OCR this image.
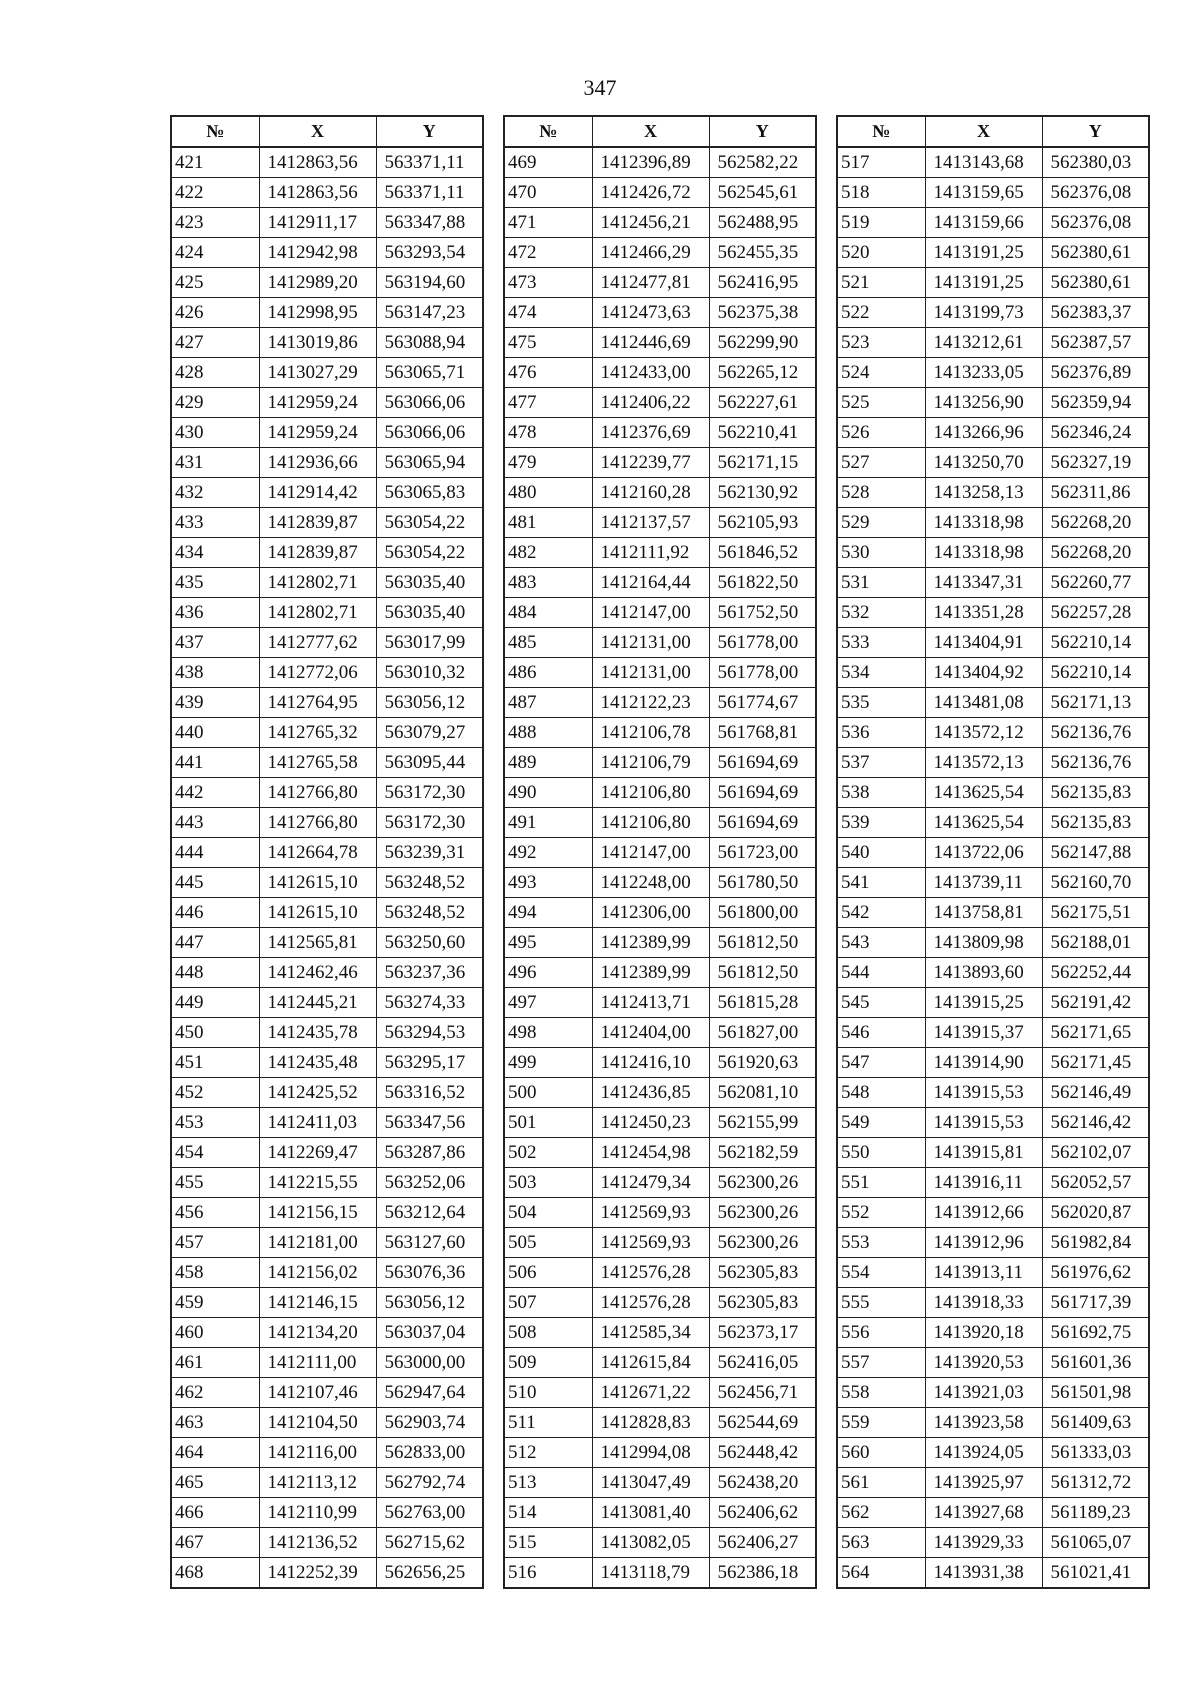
347
№	X	Y
421	1412863,56	563371,11
422	1412863,56	563371,11
423	1412911,17	563347,88
424	1412942,98	563293,54
425	1412989,20	563194,60
426	1412998,95	563147,23
427	1413019,86	563088,94
428	1413027,29	563065,71
429	1412959,24	563066,06
430	1412959,24	563066,06
431	1412936,66	563065,94
432	1412914,42	563065,83
433	1412839,87	563054,22
434	1412839,87	563054,22
435	1412802,71	563035,40
436	1412802,71	563035,40
437	1412777,62	563017,99
438	1412772,06	563010,32
439	1412764,95	563056,12
440	1412765,32	563079,27
441	1412765,58	563095,44
442	1412766,80	563172,30
443	1412766,80	563172,30
444	1412664,78	563239,31
445	1412615,10	563248,52
446	1412615,10	563248,52
447	1412565,81	563250,60
448	1412462,46	563237,36
449	1412445,21	563274,33
450	1412435,78	563294,53
451	1412435,48	563295,17
452	1412425,52	563316,52
453	1412411,03	563347,56
454	1412269,47	563287,86
455	1412215,55	563252,06
456	1412156,15	563212,64
457	1412181,00	563127,60
458	1412156,02	563076,36
459	1412146,15	563056,12
460	1412134,20	563037,04
461	1412111,00	563000,00
462	1412107,46	562947,64
463	1412104,50	562903,74
464	1412116,00	562833,00
465	1412113,12	562792,74
466	1412110,99	562763,00
467	1412136,52	562715,62
468	1412252,39	562656,25
№	X	Y
469	1412396,89	562582,22
470	1412426,72	562545,61
471	1412456,21	562488,95
472	1412466,29	562455,35
473	1412477,81	562416,95
474	1412473,63	562375,38
475	1412446,69	562299,90
476	1412433,00	562265,12
477	1412406,22	562227,61
478	1412376,69	562210,41
479	1412239,77	562171,15
480	1412160,28	562130,92
481	1412137,57	562105,93
482	1412111,92	561846,52
483	1412164,44	561822,50
484	1412147,00	561752,50
485	1412131,00	561778,00
486	1412131,00	561778,00
487	1412122,23	561774,67
488	1412106,78	561768,81
489	1412106,79	561694,69
490	1412106,80	561694,69
491	1412106,80	561694,69
492	1412147,00	561723,00
493	1412248,00	561780,50
494	1412306,00	561800,00
495	1412389,99	561812,50
496	1412389,99	561812,50
497	1412413,71	561815,28
498	1412404,00	561827,00
499	1412416,10	561920,63
500	1412436,85	562081,10
501	1412450,23	562155,99
502	1412454,98	562182,59
503	1412479,34	562300,26
504	1412569,93	562300,26
505	1412569,93	562300,26
506	1412576,28	562305,83
507	1412576,28	562305,83
508	1412585,34	562373,17
509	1412615,84	562416,05
510	1412671,22	562456,71
511	1412828,83	562544,69
512	1412994,08	562448,42
513	1413047,49	562438,20
514	1413081,40	562406,62
515	1413082,05	562406,27
516	1413118,79	562386,18
№	X	Y
517	1413143,68	562380,03
518	1413159,65	562376,08
519	1413159,66	562376,08
520	1413191,25	562380,61
521	1413191,25	562380,61
522	1413199,73	562383,37
523	1413212,61	562387,57
524	1413233,05	562376,89
525	1413256,90	562359,94
526	1413266,96	562346,24
527	1413250,70	562327,19
528	1413258,13	562311,86
529	1413318,98	562268,20
530	1413318,98	562268,20
531	1413347,31	562260,77
532	1413351,28	562257,28
533	1413404,91	562210,14
534	1413404,92	562210,14
535	1413481,08	562171,13
536	1413572,12	562136,76
537	1413572,13	562136,76
538	1413625,54	562135,83
539	1413625,54	562135,83
540	1413722,06	562147,88
541	1413739,11	562160,70
542	1413758,81	562175,51
543	1413809,98	562188,01
544	1413893,60	562252,44
545	1413915,25	562191,42
546	1413915,37	562171,65
547	1413914,90	562171,45
548	1413915,53	562146,49
549	1413915,53	562146,42
550	1413915,81	562102,07
551	1413916,11	562052,57
552	1413912,66	562020,87
553	1413912,96	561982,84
554	1413913,11	561976,62
555	1413918,33	561717,39
556	1413920,18	561692,75
557	1413920,53	561601,36
558	1413921,03	561501,98
559	1413923,58	561409,63
560	1413924,05	561333,03
561	1413925,97	561312,72
562	1413927,68	561189,23
563	1413929,33	561065,07
564	1413931,38	561021,41
